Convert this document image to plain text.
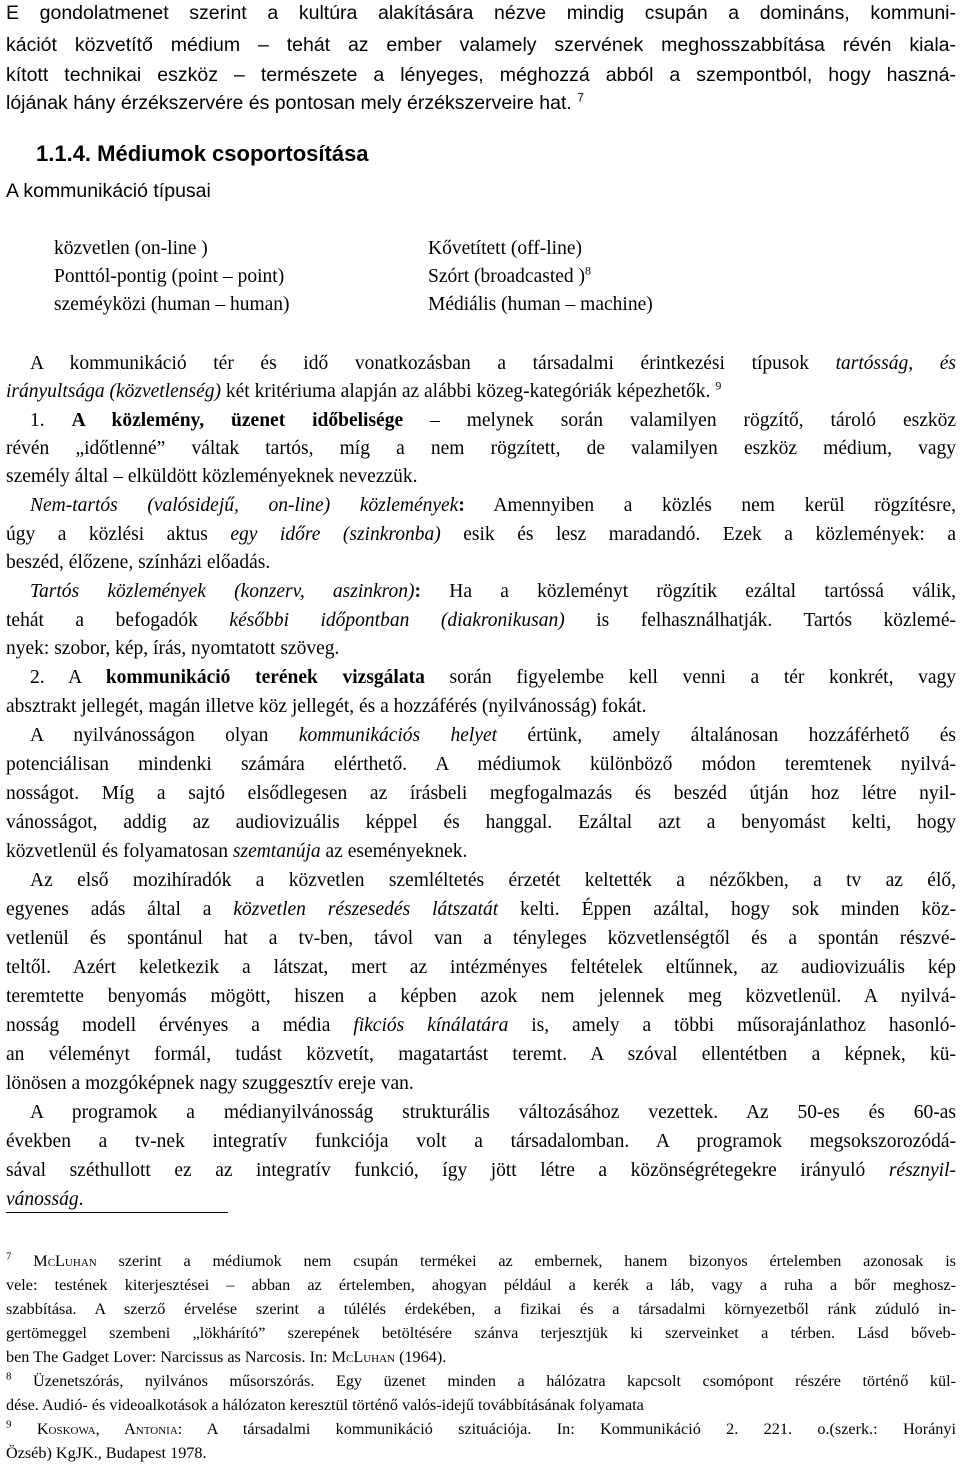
E gondolatmenet szerint a kultúra alakítására nézve mindig csupán a domináns, kommuni-
kációt közvetítő médium – tehát az ember valamely szervének meghosszabbítása révén kiala-
kított technikai eszköz – természete a lényeges, méghozzá abból a szempontból, hogy haszná-
lójának hány érzékszervére és pontosan mely érzékszerveire hat. $^7$
1.1.4. Médiumok csoportosítása
A kommunikáció típusai
közvetlen (on-line )	Kővetített (off-line)
Ponttól-pontig (point – point)	Szórt (broadcasted )$^8$
szeméyközi (human – human)	Médiális (human – machine)
A kommunikáció tér és idő vonatkozásban a társadalmi érintkezési típusok tartósság, és
irányultsága (közvetlenség) két kritériuma alapján az alábbi közeg-kategóriák képezhetők. $^9$
1. A közlemény, üzenet időbelisége – melynek során valamilyen rögzítő, tároló eszköz
révén „időtlenné” váltak tartós, míg a nem rögzített, de valamilyen eszköz médium, vagy
személy által – elküldött közleményeknek nevezzük.
Nem-tartós (valósidejű, on-line) közlemények: Amennyiben a közlés nem kerül rögzítésre,
úgy a közlési aktus egy időre (szinkronba) esik és lesz maradandó. Ezek a közlemények: a
beszéd, élőzene, színházi előadás.
Tartós közlemények (konzerv, aszinkron): Ha a közleményt rögzítik ezáltal tartóssá válik,
tehát a befogadók későbbi időpontban (diakronikusan) is felhasználhatják. Tartós közlemé-
nyek: szobor, kép, írás, nyomtatott szöveg.
2. A kommunikáció terének vizsgálata során figyelembe kell venni a tér konkrét, vagy
absztrakt jellegét, magán illetve köz jellegét, és a hozzáférés (nyilvánosság) fokát.
A nyilvánosságon olyan kommunikációs helyet értünk, amely általánosan hozzáférhető és
potenciálisan mindenki számára elérthető. A médiumok különböző módon teremtenek nyilvá-
nosságot. Míg a sajtó elsődlegesen az írásbeli megfogalmazás és beszéd útján hoz létre nyil-
vánosságot, addig az audiovizuális képpel és hanggal. Ezáltal azt a benyomást kelti, hogy
közvetlenül és folyamatosan szemtanúja az eseményeknek.
Az első mozihíradók a közvetlen szemléltetés érzetét keltették a nézőkben, a tv az élő,
egyenes adás által a közvetlen részesedés látszatát kelti. Éppen azáltal, hogy sok minden köz-
vetlenül és spontánul hat a tv-ben, távol van a tényleges közvetlenségtől és a spontán részvé-
teltől. Azért keletkezik a látszat, mert az intézményes feltételek eltűnnek, az audiovizuális kép
teremtette benyomás mögött, hiszen a képben azok nem jelennek meg közvetlenül. A nyilvá-
nosság modell érvényes a média fikciós kínálatára is, amely a többi műsorajánlathoz hasonló-
an véleményt formál, tudást közvetít, magatartást teremt. A szóval ellentétben a képnek, kü-
lönösen a mozgóképnek nagy szuggesztív ereje van.
A programok a médianyilvánosság strukturális változásához vezettek. Az 50-es és 60-as
években a tv-nek integratív funkciója volt a társadalomban. A programok megsokszorozódá-
sával széthullott ez az integratív funkció, így jött létre a közönségrétegekre irányuló résznyil-
vánosság.
$^7$ McLuhan szerint a médiumok nem csupán termékei az embernek, hanem bizonyos értelemben azonosak is
vele: testének kiterjesztései – abban az értelemben, ahogyan például a kerék a láb, vagy a ruha a bőr meghosz-
szabbítása. A szerző érvelése szerint a túlélés érdekében, a fizikai és a társadalmi környezetből ránk zúduló in-
gertömeggel szembeni „lökhárító” szerepének betöltésére szánva terjesztjük ki szerveinket a térben. Lásd bőveb-
ben The Gadget Lover: Narcissus as Narcosis. In: McLuhan (1964).
$^8$ Üzenetszórás, nyilvános műsorszórás. Egy üzenet minden a hálózatra kapcsolt csomópont részére történő kül-
dése. Audió- és videoalkotások a hálózaton keresztül történő valós-idejű továbbításának folyamata
$^9$ Koskowa, Antonia: A társadalmi kommunikáció szituációja. In: Kommunikáció 2. 221. o.(szerk.: Horányi
Özséb) KgJK., Budapest 1978.
